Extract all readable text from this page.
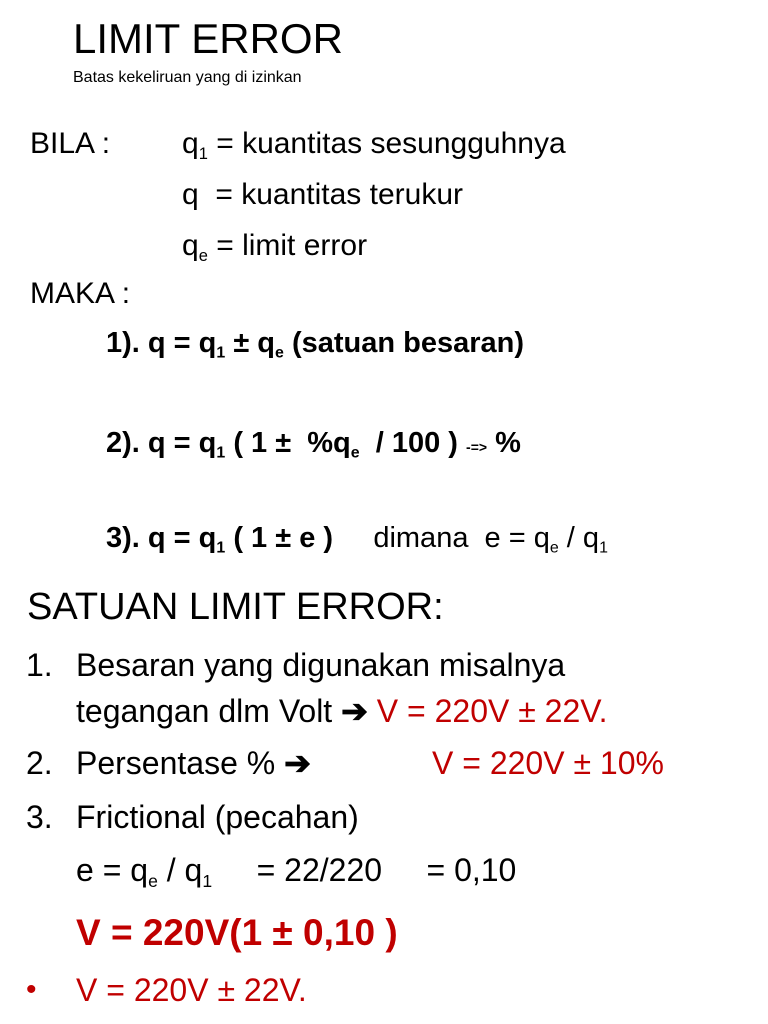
LIMIT ERROR
Batas kekeliruan yang di izinkan
BILA : $q_1$ = kuantitas sesungguhnya
q  = kuantitas terukur
$q_e$ = limit error
MAKA :
1). $q = q_1 \pm q_e$ (satuan besaran)
2). $q = q_1$ ( $1 \pm \%q_e / 100$ ) -=> %
3). $q = q_1$ ( 1 ± e )     dimana  $e = q_e / q_1$
SATUAN LIMIT ERROR:
1. Besaran yang digunakan misalnya
tegangan dlm Volt ➔ V = 220V ± 22V.
2. Persentase % ➔	V = 220V ± 10%
3. Frictional (pecahan)
$e = q_e / q_1$     = 22/220     = 0,10
V = 220V(1 ± 0,10 )
• V = 220V ± 22V.
